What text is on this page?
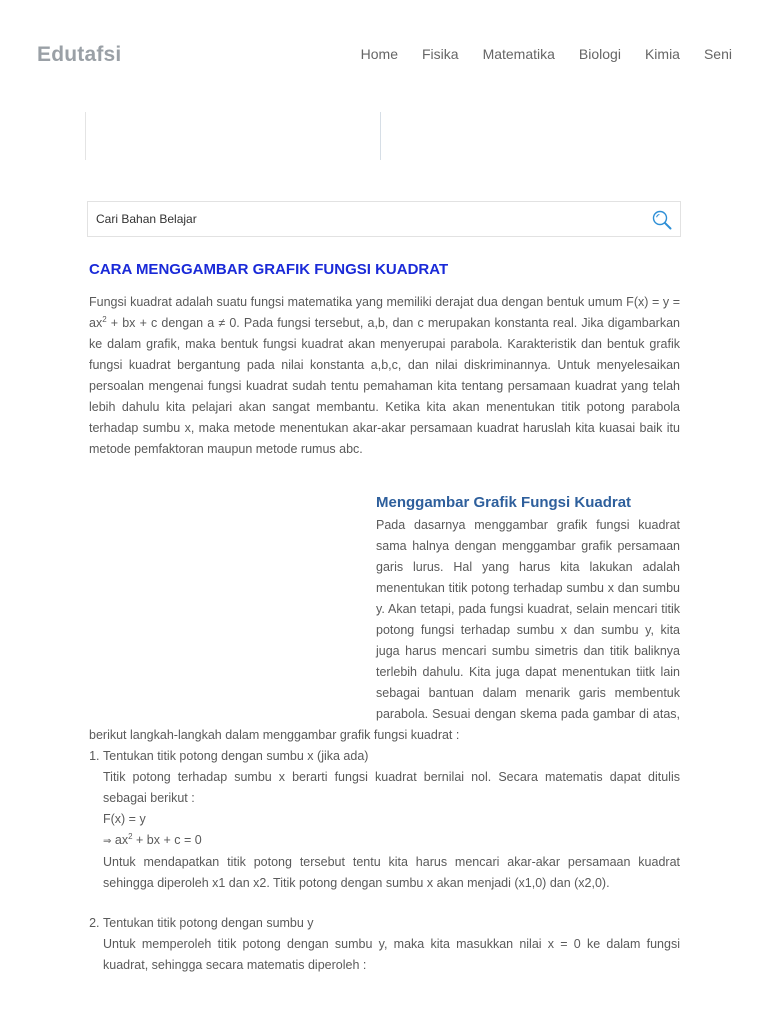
Edutafsi	Home Fisika Matematika Biologi Kimia Seni
Cari Bahan Belajar
CARA MENGGAMBAR GRAFIK FUNGSI KUADRAT

Fungsi kuadrat adalah suatu fungsi matematika yang memiliki derajat dua dengan bentuk umum $F(x) = y = ax^2$ + bx + c dengan a ≠ 0. Pada fungsi tersebut, a,b, dan c merupakan konstanta real. Jika digambarkan ke dalam grafik, maka bentuk fungsi kuadrat akan menyerupai parabola. Karakteristik dan bentuk grafik fungsi kuadrat bergantung pada nilai konstanta a,b,c, dan nilai diskriminannya. Untuk menyelesaikan persoalan mengenai fungsi kuadrat sudah tentu pemahaman kita tentang persamaan kuadrat yang telah lebih dahulu kita pelajari akan sangat membantu. Ketika kita akan menentukan titik potong parabola terhadap sumbu x, maka metode menentukan akar-akar persamaan kuadrat haruslah kita kuasai baik itu metode pemfaktoran maupun metode rumus abc.

Menggambar Grafik Fungsi Kuadrat

Pada dasarnya menggambar grafik fungsi kuadrat sama halnya dengan menggambar grafik persamaan garis lurus. Hal yang harus kita lakukan adalah menentukan titik potong terhadap sumbu x dan sumbu y. Akan tetapi, pada fungsi kuadrat, selain mencari titik potong fungsi terhadap sumbu x dan sumbu y, kita juga harus mencari sumbu simetris dan titik baliknya terlebih dahulu. Kita juga dapat menentukan tiitk lain sebagai bantuan dalam menarik garis membentuk parabola. Sesuai dengan skema pada gambar di atas, berikut langkah-langkah dalam menggambar grafik fungsi kuadrat :

1. Tentukan titik potong dengan sumbu x (jika ada)

Titik potong terhadap sumbu x berarti fungsi kuadrat bernilai nol. Secara matematis dapat ditulis sebagai berikut :

F(x) = y
⇒ $ax^2$ + bx + c = 0

Untuk mendapatkan titik potong tersebut tentu kita harus mencari akar-akar persamaan kuadrat sehingga diperoleh x1 dan x2. Titik potong dengan sumbu x akan menjadi (x1,0) dan (x2,0).

2. Tentukan titik potong dengan sumbu y

Untuk memperoleh titik potong dengan sumbu y, maka kita masukkan nilai x = 0 ke dalam fungsi kuadrat, sehingga secara matematis diperoleh :
